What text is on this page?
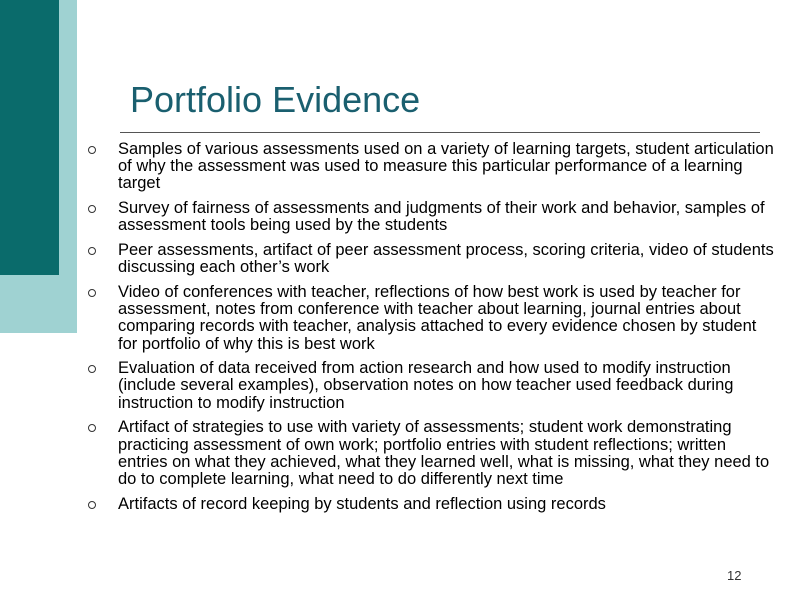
Portfolio Evidence
Samples of various assessments used on a variety of learning targets, student articulation of why the assessment was used to measure this particular performance of a learning target
Survey of fairness of assessments and judgments of their work and behavior, samples of assessment tools being used by the students
Peer assessments, artifact of peer assessment process, scoring criteria, video of students discussing each other’s work
Video of conferences with teacher, reflections of how best work is used by teacher for assessment, notes from conference with teacher about learning, journal entries about comparing records with teacher, analysis attached to every evidence chosen by student for portfolio of why this is best work
Evaluation of data received from action research and how used to modify instruction (include several examples), observation notes on how teacher used feedback during instruction to modify instruction
Artifact of strategies to use with variety of assessments; student work demonstrating practicing assessment of own work; portfolio entries with student reflections; written entries on what they achieved, what they learned well, what is missing, what they need to do to complete learning, what need to do differently next time
Artifacts of record keeping by students and reflection using records
12
